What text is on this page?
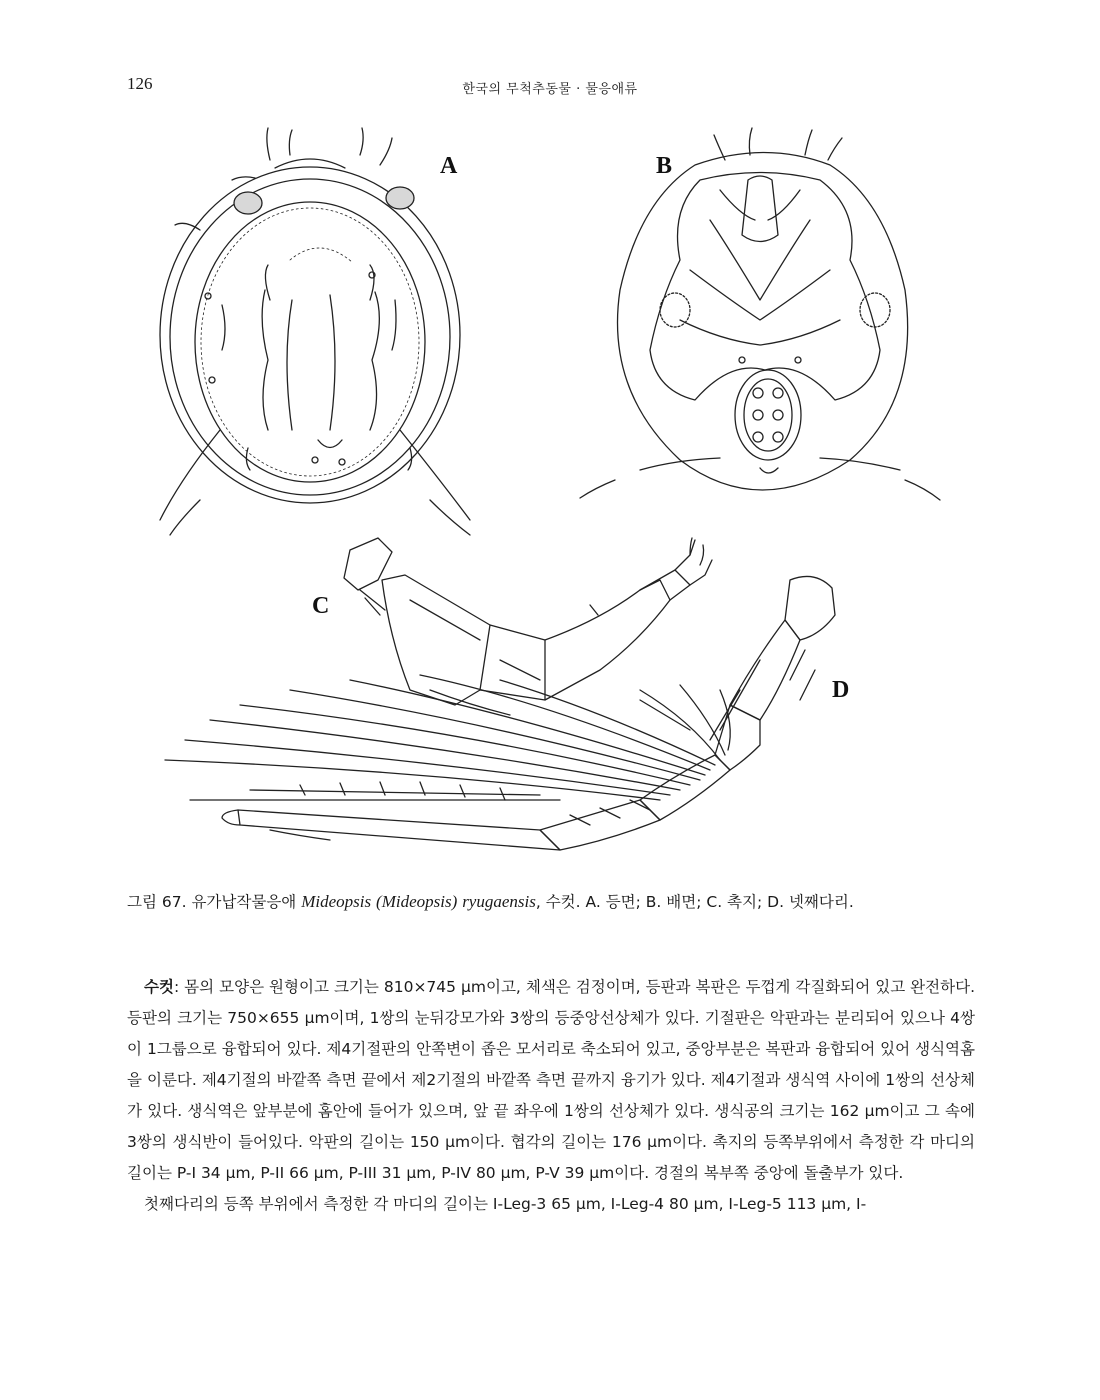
126	한국의 무척추동물 · 물응애류
A	B
C
D
그림 67. 유가납작물응애 Mideopsis (Mideopsis) ryugaensis, 수컷. A. 등면; B. 배면; C. 촉지; D. 넷째다리.

수컷: 몸의 모양은 원형이고 크기는 810×745 μm이고, 체색은 검정이며, 등판과 복판은 두껍게 각질화되어 있고 완전하다. 등판의 크기는 750×655 μm이며, 1쌍의 눈뒤강모가와 3쌍의 등중앙선상체가 있다. 기절판은 악판과는 분리되어 있으나 4쌍이 1그룹으로 융합되어 있다. 제4기절판의 안쪽변이 좁은 모서리로 축소되어 있고, 중앙부분은 복판과 융합되어 있어 생식역홈을 이룬다. 제4기절의 바깥쪽 측면 끝에서 제2기절의 바깥쪽 측면 끝까지 융기가 있다. 제4기절과 생식역 사이에 1쌍의 선상체가 있다. 생식역은 앞부분에 홈안에 들어가 있으며, 앞 끝 좌우에 1쌍의 선상체가 있다. 생식공의 크기는 162 μm이고 그 속에 3쌍의 생식반이 들어있다. 악판의 길이는 150 μm이다. 협각의 길이는 176 μm이다. 촉지의 등쪽부위에서 측정한 각 마디의 길이는 P-I 34 μm, P-II 66 μm, P-III 31 μm, P-IV 80 μm, P-V 39 μm이다. 경절의 복부쪽 중앙에 돌출부가 있다.

첫째다리의 등쪽 부위에서 측정한 각 마디의 길이는 I-Leg-3 65 μm, I-Leg-4 80 μm, I-Leg-5 113 μm, I-
